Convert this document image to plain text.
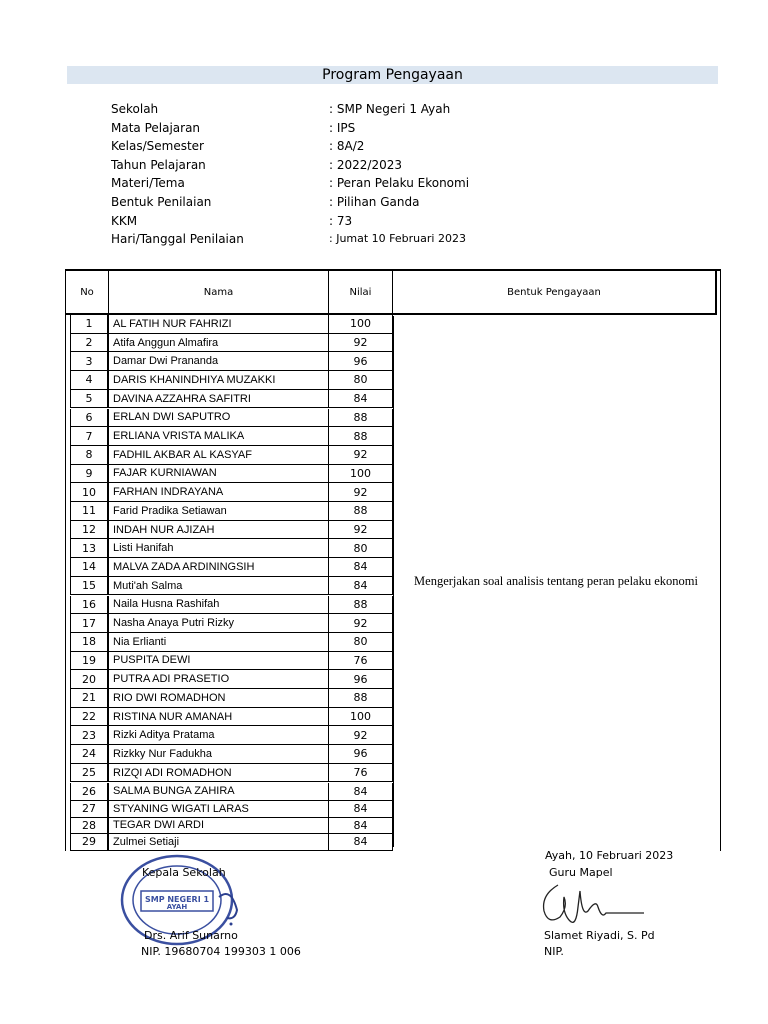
Program Pengayaan
Sekolah	: SMP Negeri 1 Ayah
Mata Pelajaran	: IPS
Kelas/Semester	: 8A/2
Tahun Pelajaran	: 2022/2023
Materi/Tema	: Peran Pelaku Ekonomi
Bentuk Penilaian	: Pilihan Ganda
KKM	: 73
Hari/Tanggal Penilaian	: Jumat 10 Februari 2023
No	Nama	Nilai	Bentuk Pengayaan
1	AL FATIH NUR FAHRIZI	100
2	Atifa Anggun Almafira	92
3	Damar Dwi Prananda	96
4	DARIS KHANINDHIYA MUZAKKI	80
5	DAVINA AZZAHRA SAFITRI	84
6	ERLAN DWI SAPUTRO	88
7	ERLIANA VRISTA MALIKA	88
8	FADHIL AKBAR AL KASYAF	92
9	FAJAR KURNIAWAN	100
10	FARHAN INDRAYANA	92
11	Farid Pradika Setiawan	88
12	INDAH NUR AJIZAH	92
13	Listi Hanifah	80
14	MALVA ZADA ARDININGSIH	84
15	Muti'ah Salma	84
16	Naila Husna Rashifah	88
17	Nasha Anaya Putri Rizky	92
18	Nia Erlianti	80
19	PUSPITA DEWI	76
20	PUTRA ADI PRASETIO	96
21	RIO DWI ROMADHON	88
22	RISTINA NUR AMANAH	100
23	Rizki Aditya Pratama	92
24	Rizkky Nur Fadukha	96
25	RIZQI ADI ROMADHON	76
26	SALMA BUNGA ZAHIRA	84
27	STYANING WIGATI LARAS	84
28	TEGAR DWI ARDI	84
29	Zulmei Setiaji	84
Mengerjakan soal analisis tentang peran pelaku ekonomi
Ayah, 10 Februari 2023
Guru Mapel
Slamet Riyadi, S. Pd
NIP.
SMP NEGERI 1
AYAH
Kepala Sekolah
Drs. Arif Sunarno
NIP. 19680704 199303 1 006
